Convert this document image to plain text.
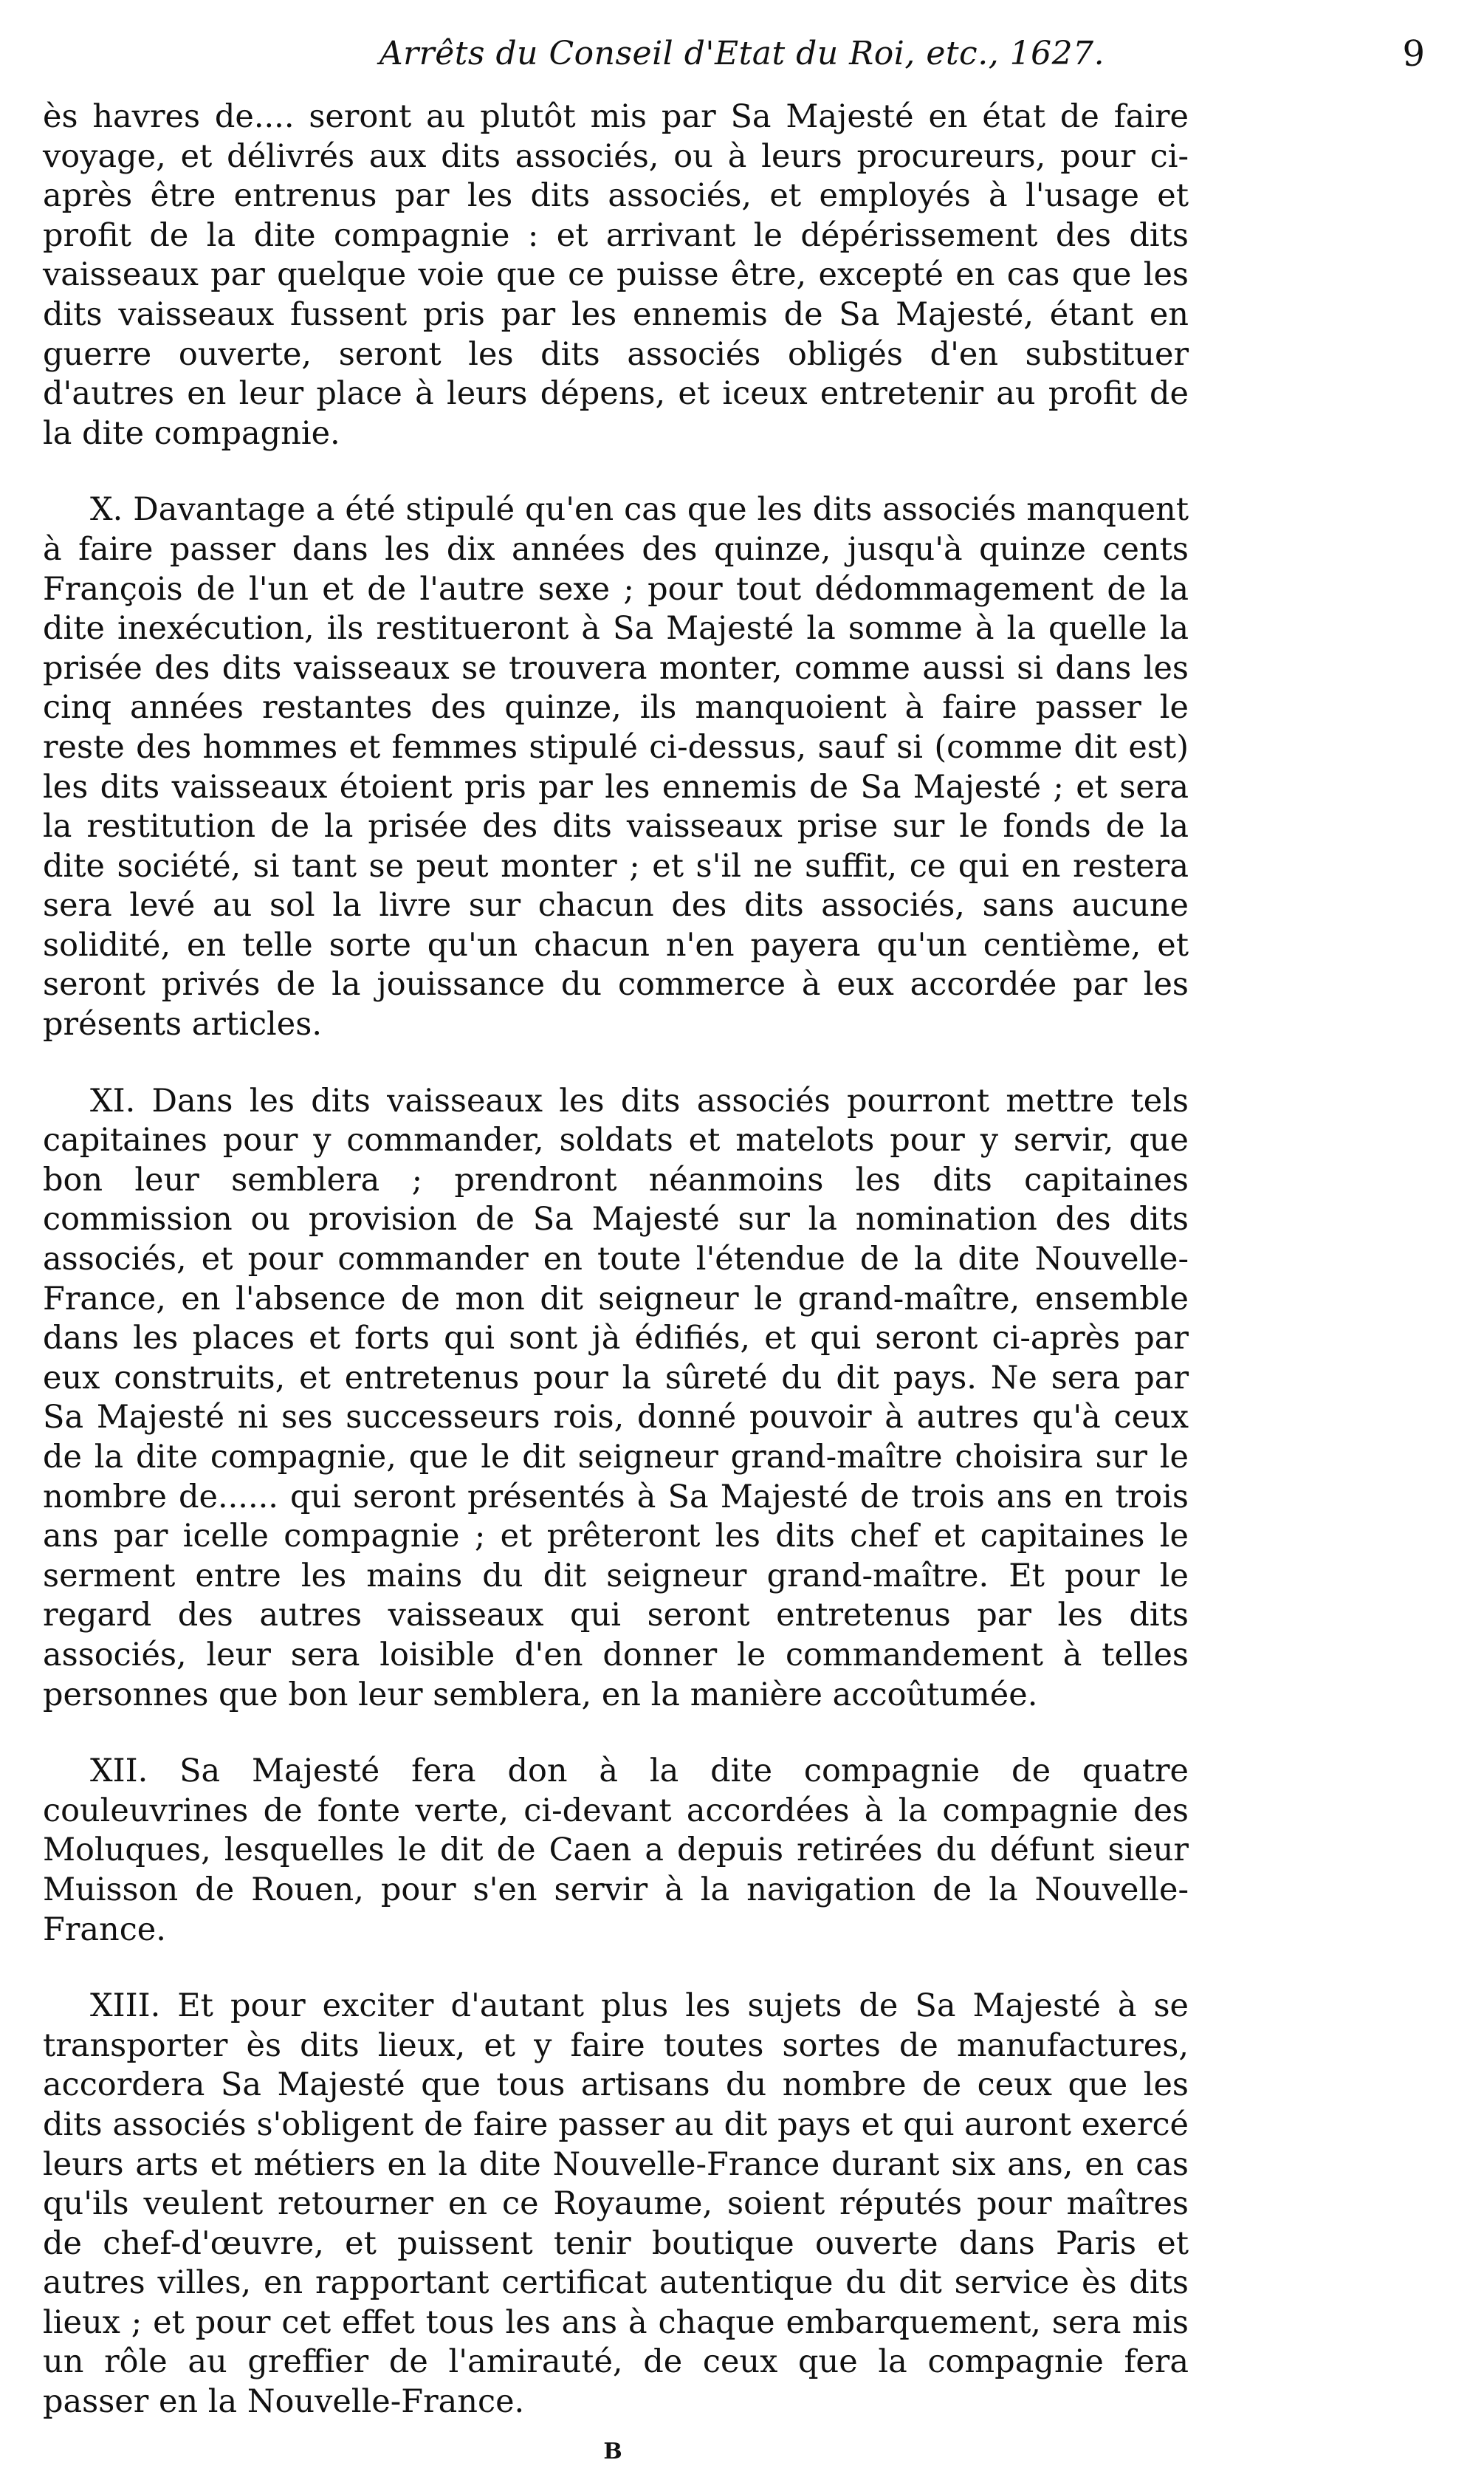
Arrêts du Conseil d'Etat du Roi, etc., 1627.	9

ès havres de.... seront au plutôt mis par Sa Majesté en état de faire voyage, et délivrés aux dits associés, ou à leurs procureurs, pour ci-après être entrenus par les dits associés, et employés à l'usage et profit de la dite compagnie : et arrivant le dépérissement des dits vaisseaux par quelque voie que ce puisse être, excepté en cas que les dits vaisseaux fussent pris par les ennemis de Sa Majesté, étant en guerre ouverte, seront les dits associés obligés d'en substituer d'autres en leur place à leurs dépens, et iceux entretenir au profit de la dite compagnie.

X. Davantage a été stipulé qu'en cas que les dits associés manquent à faire passer dans les dix années des quinze, jusqu'à quinze cents François de l'un et de l'autre sexe ; pour tout dédommagement de la dite inexécution, ils restitueront à Sa Majesté la somme à la quelle la prisée des dits vaisseaux se trouvera monter, comme aussi si dans les cinq années restantes des quinze, ils manquoient à faire passer le reste des hommes et femmes stipulé ci-dessus, sauf si (comme dit est) les dits vaisseaux étoient pris par les ennemis de Sa Majesté ; et sera la restitution de la prisée des dits vaisseaux prise sur le fonds de la dite société, si tant se peut monter ; et s'il ne suffit, ce qui en restera sera levé au sol la livre sur chacun des dits associés, sans aucune solidité, en telle sorte qu'un chacun n'en payera qu'un centième, et seront privés de la jouissance du commerce à eux accordée par les présents articles.

XI. Dans les dits vaisseaux les dits associés pourront mettre tels capitaines pour y commander, soldats et matelots pour y servir, que bon leur semblera ; prendront néanmoins les dits capitaines commission ou provision de Sa Majesté sur la nomination des dits associés, et pour commander en toute l'étendue de la dite Nouvelle-France, en l'absence de mon dit seigneur le grand-maître, ensemble dans les places et forts qui sont jà édifiés, et qui seront ci-après par eux construits, et entretenus pour la sûreté du dit pays. Ne sera par Sa Majesté ni ses successeurs rois, donné pouvoir à autres qu'à ceux de la dite compagnie, que le dit seigneur grand-maître choisira sur le nombre de...... qui seront présentés à Sa Majesté de trois ans en trois ans par icelle compagnie ; et prêteront les dits chef et capitaines le serment entre les mains du dit seigneur grand-maître. Et pour le regard des autres vaisseaux qui seront entretenus par les dits associés, leur sera loisible d'en donner le commandement à telles personnes que bon leur semblera, en la manière accoûtumée.

XII. Sa Majesté fera don à la dite compagnie de quatre couleuvrines de fonte verte, ci-devant accordées à la compagnie des Moluques, lesquelles le dit de Caen a depuis retirées du défunt sieur Muisson de Rouen, pour s'en servir à la navigation de la Nouvelle-France.

XIII. Et pour exciter d'autant plus les sujets de Sa Majesté à se transporter ès dits lieux, et y faire toutes sortes de manufactures, accordera Sa Majesté que tous artisans du nombre de ceux que les dits associés s'obligent de faire passer au dit pays et qui auront exercé leurs arts et métiers en la dite Nouvelle-France durant six ans, en cas qu'ils veulent retourner en ce Royaume, soient réputés pour maîtres de chef-d'œuvre, et puissent tenir boutique ouverte dans Paris et autres villes, en rapportant certificat autentique du dit service ès dits lieux ; et pour cet effet tous les ans à chaque embarquement, sera mis un rôle au greffier de l'amirauté, de ceux que la compagnie fera passer en la Nouvelle-France.

B
